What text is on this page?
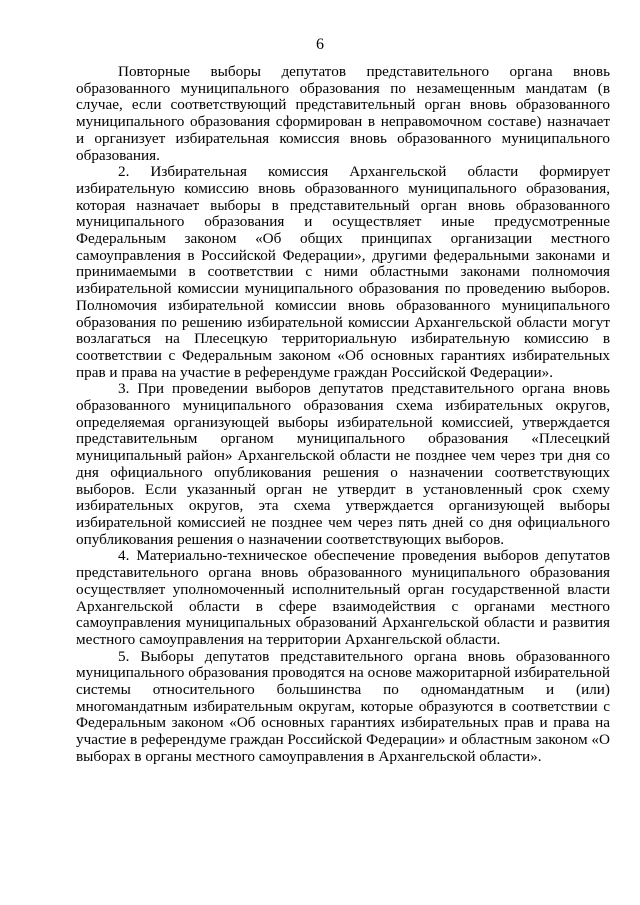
6

Повторные выборы депутатов представительного органа вновь образованного муниципального образования по незамещенным мандатам (в случае, если соответствующий представительный орган вновь образованного муниципального образования сформирован в неправомочном составе) назначает и организует избирательная комиссия вновь образованного муниципального образования.

2. Избирательная комиссия Архангельской области формирует избирательную комиссию вновь образованного муниципального образования, которая назначает выборы в представительный орган вновь образованного муниципального образования и осуществляет иные предусмотренные Федеральным законом «Об общих принципах организации местного самоуправления в Российской Федерации», другими федеральными законами и принимаемыми в соответствии с ними областными законами полномочия избирательной комиссии муниципального образования по проведению выборов. Полномочия избирательной комиссии вновь образованного муниципального образования по решению избирательной комиссии Архангельской области могут возлагаться на Плесецкую территориальную избирательную комиссию в соответствии с Федеральным законом «Об основных гарантиях избирательных прав и права на участие в референдуме граждан Российской Федерации».

3. При проведении выборов депутатов представительного органа вновь образованного муниципального образования схема избирательных округов, определяемая организующей выборы избирательной комиссией, утверждается представительным органом муниципального образования «Плесецкий муниципальный район» Архангельской области не позднее чем через три дня со дня официального опубликования решения о назначении соответствующих выборов. Если указанный орган не утвердит в установленный срок схему избирательных округов, эта схема утверждается организующей выборы избирательной комиссией не позднее чем через пять дней со дня официального опубликования решения о назначении соответствующих выборов.

4. Материально-техническое обеспечение проведения выборов депутатов представительного органа вновь образованного муниципального образования осуществляет уполномоченный исполнительный орган государственной власти Архангельской области в сфере взаимодействия с органами местного самоуправления муниципальных образований Архангельской области и развития местного самоуправления на территории Архангельской области.

5. Выборы депутатов представительного органа вновь образованного муниципального образования проводятся на основе мажоритарной избирательной системы относительного большинства по одномандатным и (или) многомандатным избирательным округам, которые образуются в соответствии с Федеральным законом «Об основных гарантиях избирательных прав и права на участие в референдуме граждан Российской Федерации» и областным законом «О выборах в органы местного самоуправления в Архангельской области».
